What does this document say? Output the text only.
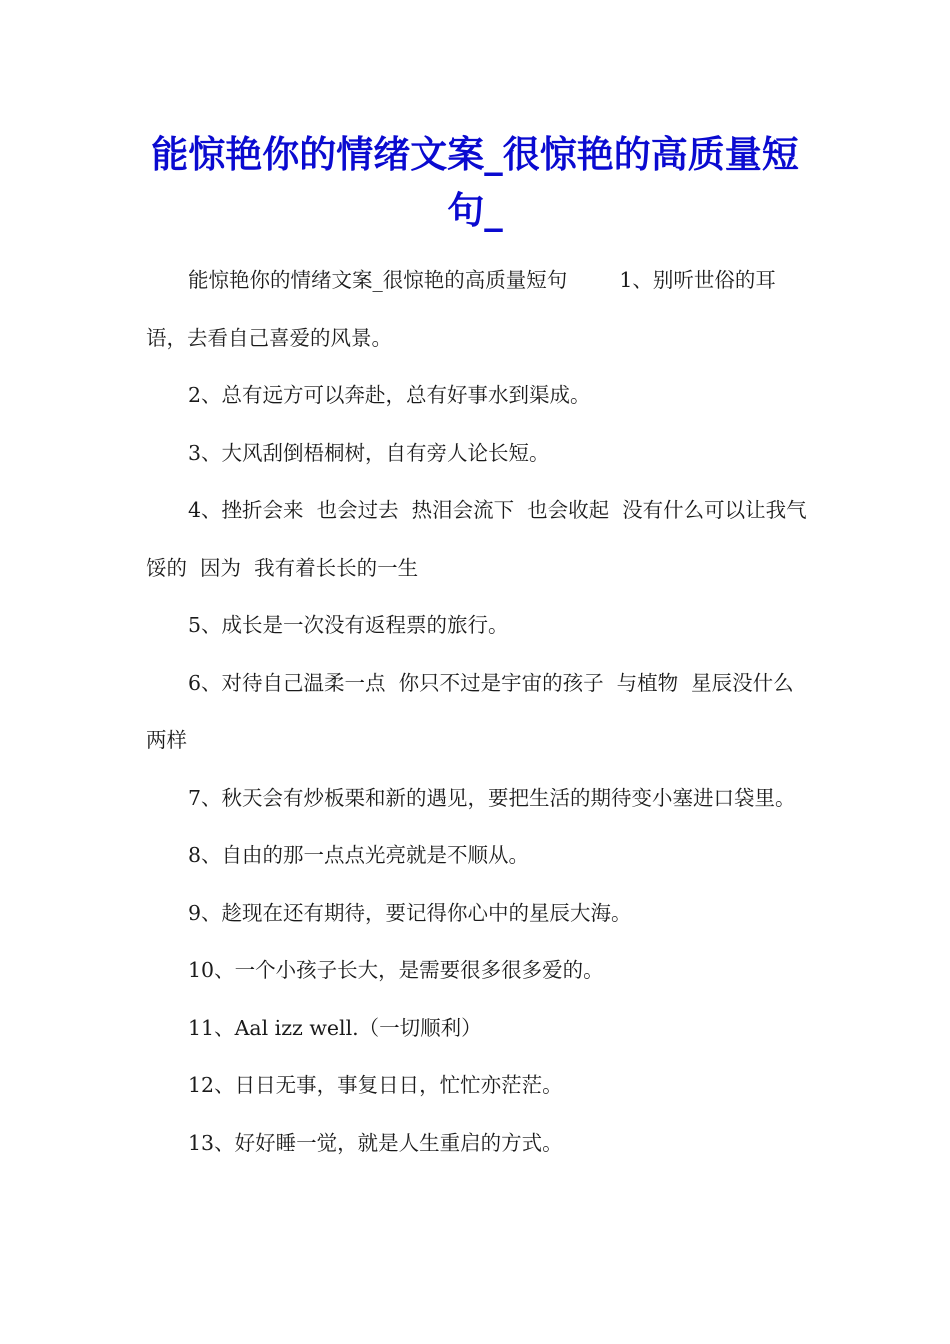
能惊艳你的情绪文案_很惊艳的高质量短句_

能惊艳你的情绪文案_很惊艳的高质量短句        1、别听世俗的耳语，去看自己喜爱的风景。

2、总有远方可以奔赴，总有好事水到渠成。

3、大风刮倒梧桐树，自有旁人论长短。

4、挫折会来  也会过去  热泪会流下  也会收起  没有什么可以让我气馁的  因为  我有着长长的一生

5、成长是一次没有返程票的旅行。

6、对待自己温柔一点  你只不过是宇宙的孩子  与植物  星辰没什么两样

7、秋天会有炒板栗和新的遇见，要把生活的期待变小塞进口袋里。

8、自由的那一点点光亮就是不顺从。

9、趁现在还有期待，要记得你心中的星辰大海。

10、一个小孩子长大，是需要很多很多爱的。

11、Aal izz well.（一切顺利）

12、日日无事，事复日日，忙忙亦茫茫。

13、好好睡一觉，就是人生重启的方式。
